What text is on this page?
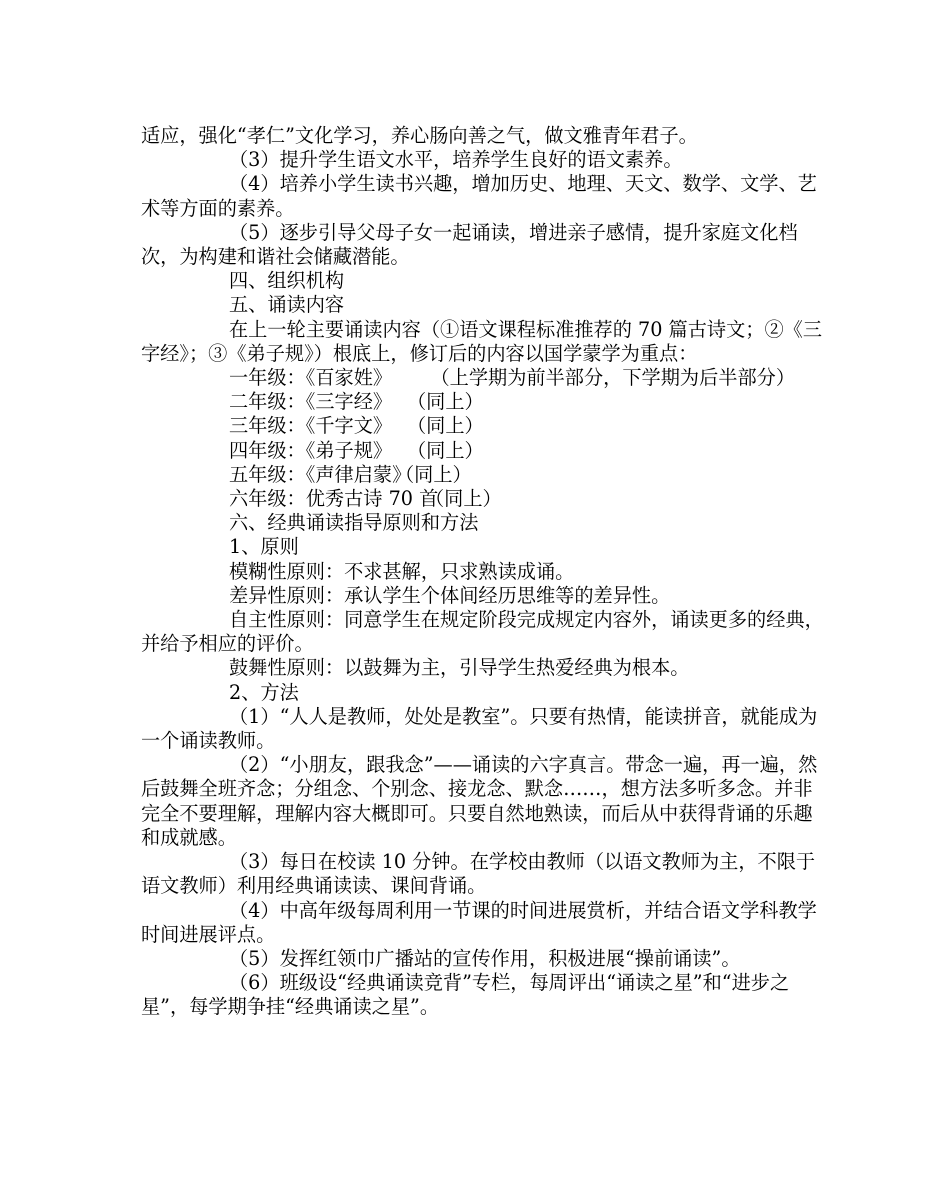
适应，强化“孝仁”文化学习，养心肠向善之气，做文雅青年君子。

（3）提升学生语文水平，培养学生良好的语文素养。

（4）培养小学生读书兴趣，增加历史、地理、天文、数学、文学、艺术等方面的素养。

（5）逐步引导父母子女一起诵读，增进亲子感情，提升家庭文化档次，为构建和谐社会储藏潜能。

四、组织机构

五、诵读内容

在上一轮主要诵读内容（①语文课程标准推荐的 70 篇古诗文；②《三字经》；③《弟子规》）根底上，修订后的内容以国学蒙学为重点：

一年级：《百家姓》　　　（上学期为前半部分，下学期为后半部分）

二年级：《三字经》 （同上）
三年级：《千字文》 （同上）
四年级：《弟子规》 （同上）
五年级：《声律启蒙》
（同上）
六年级：优秀古诗 70 首
（同上）

六、经典诵读指导原则和方法

1、原则

模糊性原则：不求甚解，只求熟读成诵。

差异性原则：承认学生个体间经历思维等的差异性。

自主性原则：同意学生在规定阶段完成规定内容外，诵读更多的经典，并给予相应的评价。

鼓舞性原则：以鼓舞为主，引导学生热爱经典为根本。

2、方法

（1）“人人是教师，处处是教室”。只要有热情，能读拼音，就能成为一个诵读教师。

（2）“小朋友，跟我念”——诵读的六字真言。带念一遍，再一遍，然后鼓舞全班齐念；分组念、个别念、接龙念、默念……，想方法多听多念。并非完全不要理解，理解内容大概即可。只要自然地熟读，而后从中获得背诵的乐趣和成就感。

（3）每日在校读 10 分钟。在学校由教师（以语文教师为主，不限于语文教师）利用经典诵读读、课间背诵。

（4）中高年级每周利用一节课的时间进展赏析，并结合语文学科教学时间进展评点。

（5）发挥红领巾广播站的宣传作用，积极进展“操前诵读”。

（6）班级设“经典诵读竞背”专栏，每周评出“诵读之星”和“进步之星”，每学期争挂“经典诵读之星”。
